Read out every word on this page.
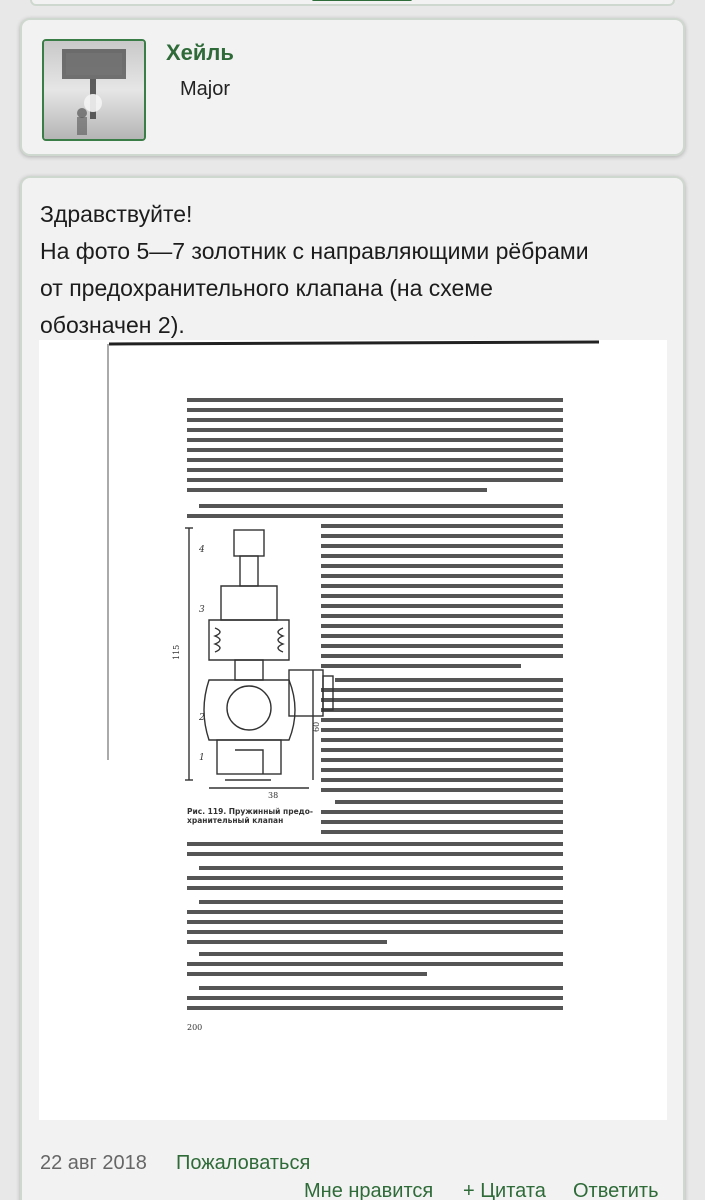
Хейль
Major
Здравствуйте!
На фото 5—7 золотник с направляющими рёбрами
от предохранительного клапана (на схеме
обозначен 2).
115
38
60
4
3
2
1
Рис. 119. Пружинный предо-хранительный клапан
200
22 авг 2018 Пожаловаться
Мне нравится + Цитата Ответить
